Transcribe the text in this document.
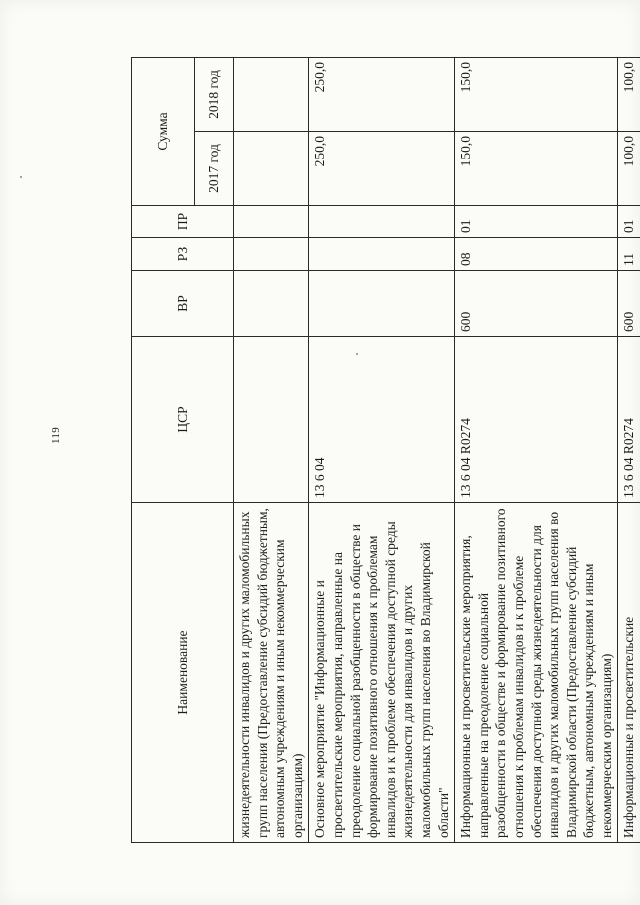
119
Наименование	ЦСР	ВР	РЗ	ПР	Сумма	
					2017 год	2018 год
жизнедеятельности инвалидов и других маломобильных групп населения (Предоставление субсидий бюджетным, автономным учреждениям и иным некоммерческим организациям)						
Основное мероприятие "Информационные и просветительские мероприятия, направленные на преодоление социальной разобщенности в обществе и формирование позитивного отношения к проблемам инвалидов и к проблеме обеспечения доступной среды жизнедеятельности для инвалидов и других маломобильных групп населения во Владимирской области"	13 6 04				250,0	250,0
Информационные и просветительские мероприятия, направленные на преодоление социальной разобщенности в обществе и формирование позитивного отношения к проблемам инвалидов и к проблеме обеспечения доступной среды жизнедеятельности для инвалидов и других маломобильных групп населения во Владимирской области (Предоставление субсидий бюджетным, автономным учреждениям и иным некоммерческим организациям)	13 6 04 R0274	600	08	01	150,0	150,0
Информационные и просветительские	13 6 04 R0274	600	11	01	100,0	100,0
